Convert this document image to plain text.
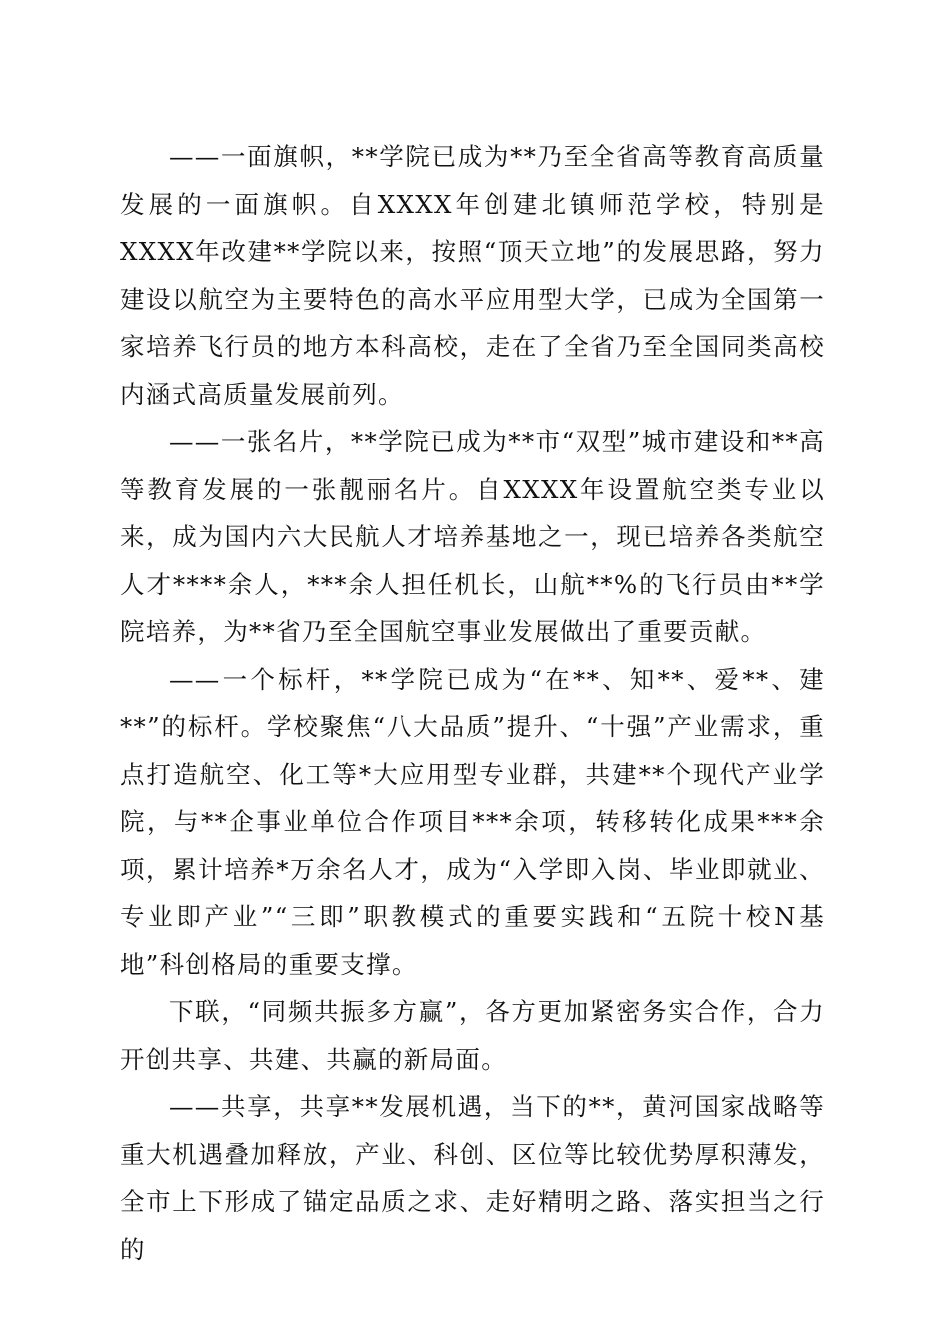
——一面旗帜，**学院已成为**乃至全省高等教育高质量发展的一面旗帜。自XXXX年创建北镇师范学校，特别是XXXX年改建**学院以来，按照“顶天立地”的发展思路，努力建设以航空为主要特色的高水平应用型大学，已成为全国第一家培养飞行员的地方本科高校，走在了全省乃至全国同类高校内涵式高质量发展前列。

——一张名片，**学院已成为**市“双型”城市建设和**高等教育发展的一张靓丽名片。自XXXX年设置航空类专业以来，成为国内六大民航人才培养基地之一，现已培养各类航空人才****余人，***余人担任机长，山航**%的飞行员由**学院培养，为**省乃至全国航空事业发展做出了重要贡献。

——一个标杆，**学院已成为“在**、知**、爱**、建**”的标杆。学校聚焦“八大品质”提升、“十强”产业需求，重点打造航空、化工等*大应用型专业群，共建**个现代产业学院，与**企事业单位合作项目***余项，转移转化成果***余项，累计培养*万余名人才，成为“入学即入岗、毕业即就业、专业即产业”“三即”职教模式的重要实践和“五院十校N基地”科创格局的重要支撑。

下联，“同频共振多方赢”，各方更加紧密务实合作，合力开创共享、共建、共赢的新局面。

——共享，共享**发展机遇，当下的**，黄河国家战略等重大机遇叠加释放，产业、科创、区位等比较优势厚积薄发，全市上下形成了锚定品质之求、走好精明之路、落实担当之行的
